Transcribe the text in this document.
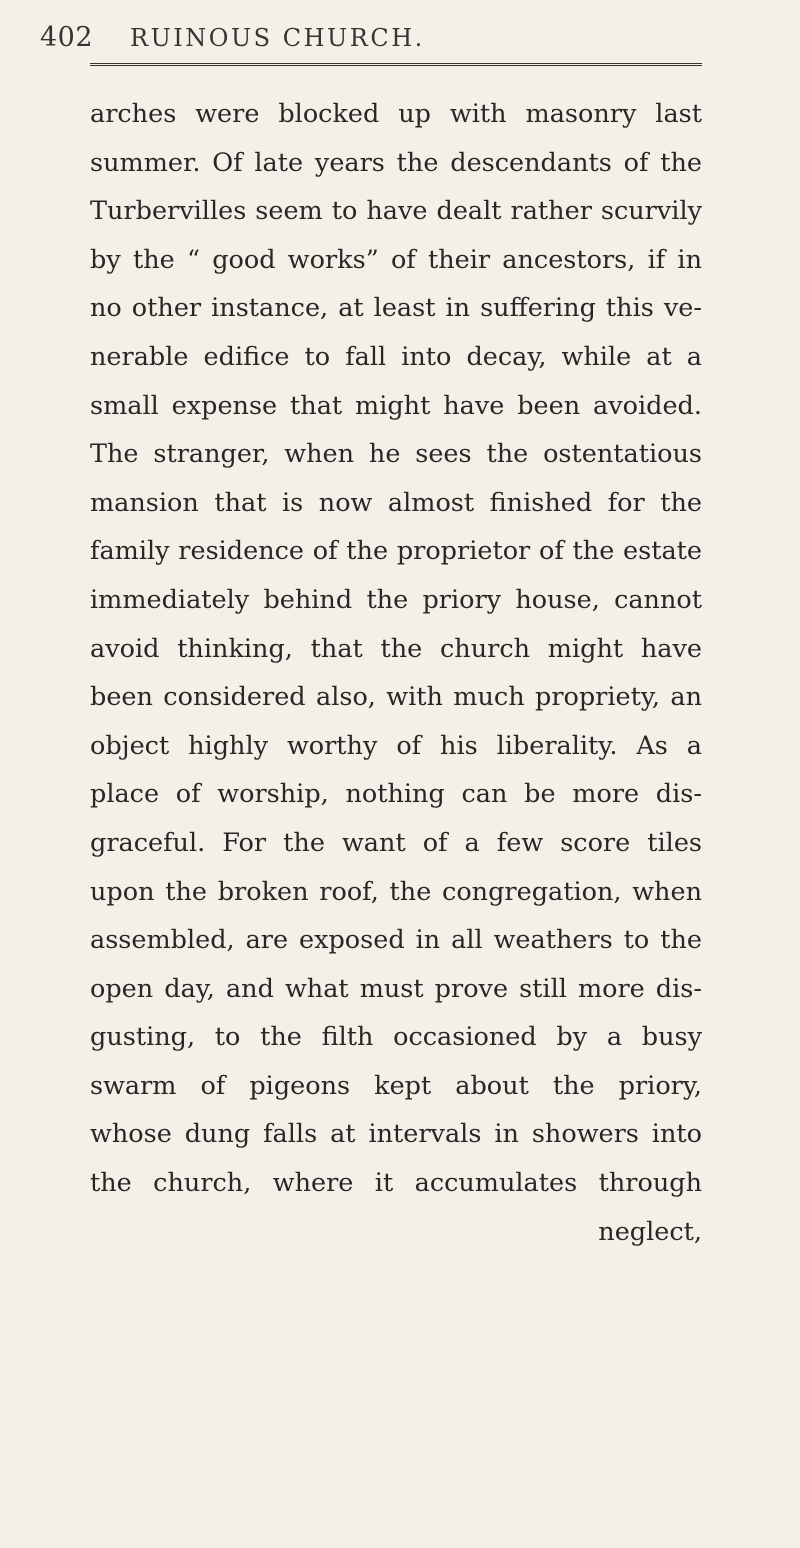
402 RUINOUS CHURCH.
arches were blocked up with masonry last
summer. Of late years the descendants of the
Turbervilles seem to have dealt rather scurvily
by the “ good works” of their ancestors, if in
no other instance, at least in suffering this ve-
nerable edifice to fall into decay, while at a
small expense that might have been avoided.
The stranger, when he sees the ostentatious
mansion that is now almost finished for the
family residence of the proprietor of the estate
immediately behind the priory house, cannot
avoid thinking, that the church might have
been considered also, with much propriety, an
object highly worthy of his liberality. As a
place of worship, nothing can be more dis-
graceful. For the want of a few score tiles
upon the broken roof, the congregation, when
assembled, are exposed in all weathers to the
open day, and what must prove still more dis-
gusting, to the filth occasioned by a busy
swarm of pigeons kept about the priory,
whose dung falls at intervals in showers into
the church, where it accumulates through
neglect,
